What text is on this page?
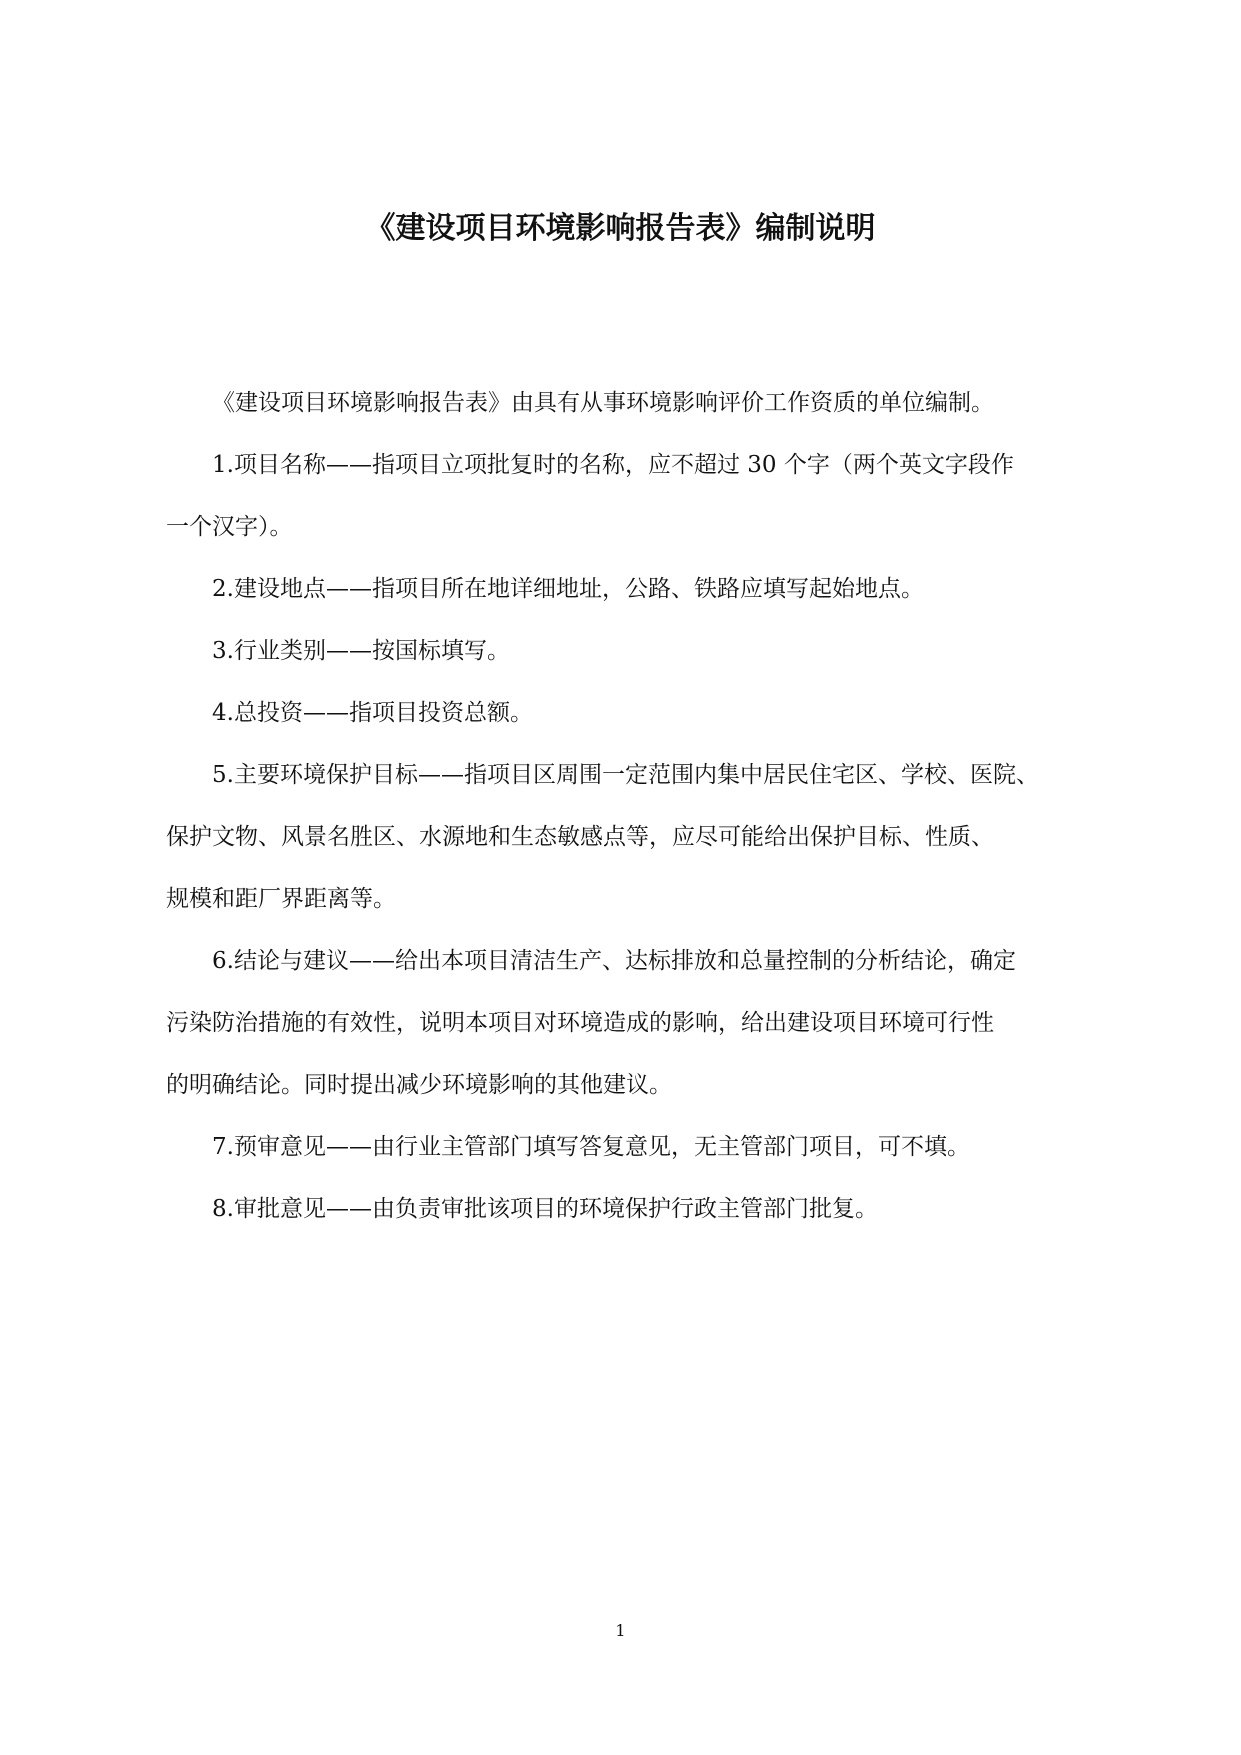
《建设项目环境影响报告表》编制说明

《建设项目环境影响报告表》由具有从事环境影响评价工作资质的单位编制。

1.项目名称——指项目立项批复时的名称，应不超过 30 个字（两个英文字段作
一个汉字）。

2.建设地点——指项目所在地详细地址，公路、铁路应填写起始地点。

3.行业类别——按国标填写。

4.总投资——指项目投资总额。

5.主要环境保护目标——指项目区周围一定范围内集中居民住宅区、学校、医院、
保护文物、风景名胜区、水源地和生态敏感点等，应尽可能给出保护目标、性质、
规模和距厂界距离等。

6.结论与建议——给出本项目清洁生产、达标排放和总量控制的分析结论，确定
污染防治措施的有效性，说明本项目对环境造成的影响，给出建设项目环境可行性
的明确结论。同时提出减少环境影响的其他建议。

7.预审意见——由行业主管部门填写答复意见，无主管部门项目，可不填。

8.审批意见——由负责审批该项目的环境保护行政主管部门批复。

1
